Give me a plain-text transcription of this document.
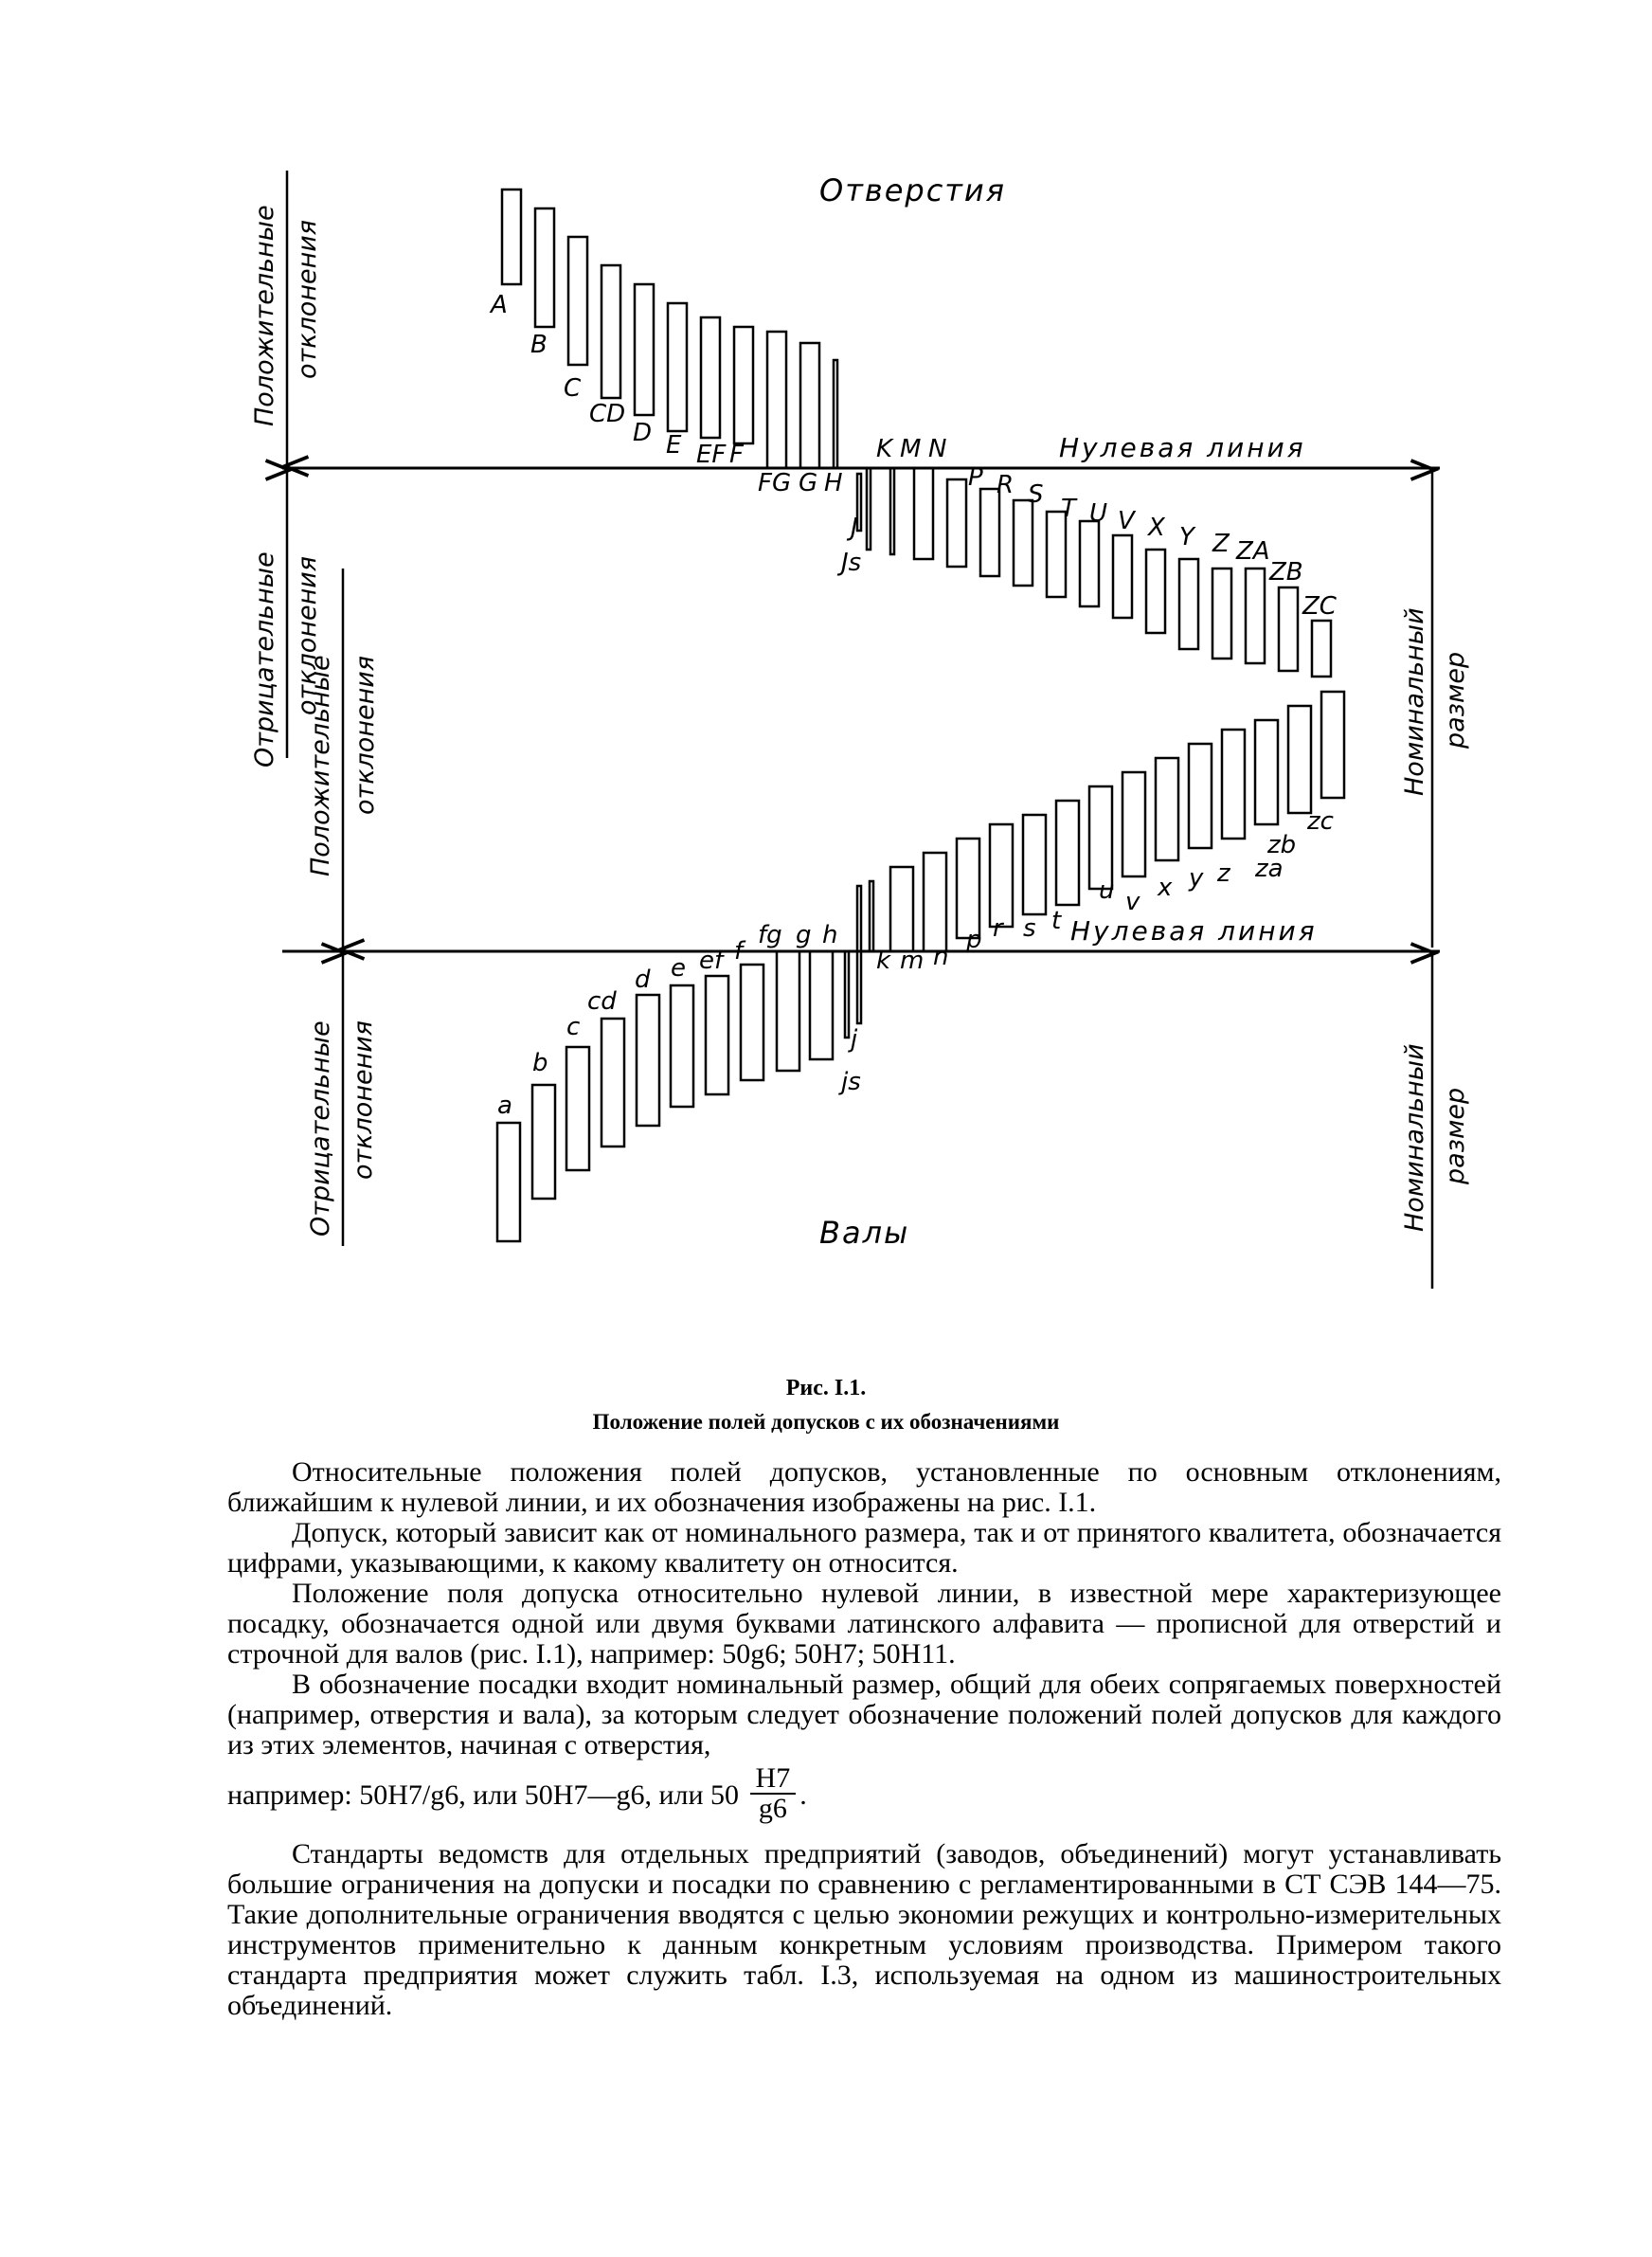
Отверстия
Валы
Нулевая линия
Нулевая линия
Положительные отклонения
Отрицательные отклонения
Положительные отклонения
Отрицательные отклонения
Номинальный размер
Номинальный размер
A
B
C
CD
D E EF F
FG G H
J
Js
K M N
P R S T U V X Y Z ZA
ZB
ZC
a
b
c
cd
d e ef f
fg g h
j
js
k m n
p r s t
u v x y z za
zb
zc
Рис. I.1.
Положение полей допусков с их обозначениями

Относительные положения полей допусков, установленные по основным отклонениям, ближайшим к нулевой линии, и их обозначения изображены на рис. I.1.

Допуск, который зависит как от номинального размера, так и от принятого квалитета, обозначается цифрами, указывающими, к какому квалитету он относится.

Положение поля допуска относительно нулевой линии, в известной мере характеризующее посадку, обозначается одной или двумя буквами латинского алфавита — прописной для отверстий и строчной для валов (рис. I.1), например: 50g6; 50H7; 50H11.

В обозначение посадки входит номинальный размер, общий для обеих сопрягаемых поверхностей (например, отверстия и вала), за которым следует обозначение положений полей допусков для каждого из этих элементов, начиная с отверстия,

например: 50H7/g6, или 50H7—g6, или $50 \frac{H7}{g6}$ .

Стандарты ведомств для отдельных предприятий (заводов, объединений) могут устанавливать большие ограничения на допуски и посадки по сравнению с регламентированными в СТ СЭВ 144—75. Такие дополнительные ограничения вводятся с целью экономии режущих и контрольно-измерительных инструментов применительно к данным конкретным условиям производства. Примером такого стандарта предприятия может служить табл. I.3, используемая на одном из машиностроительных объединений.
